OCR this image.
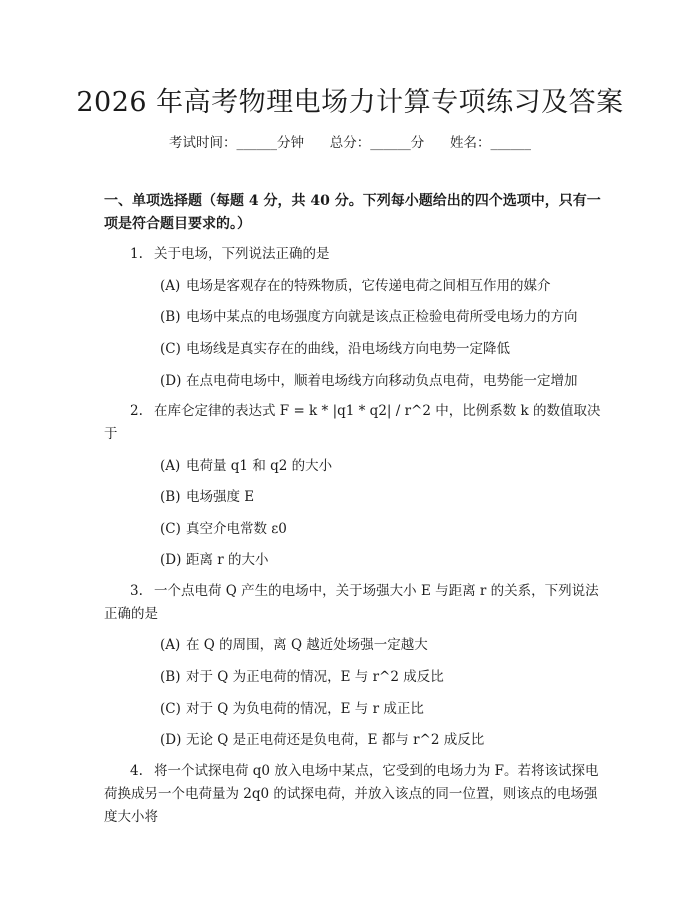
2026 年高考物理电场力计算专项练习及答案
考试时间：______分钟 总分：______分 姓名：______
一、单项选择题（每题 4 分，共 40 分。下列每小题给出的四个选项中，只有一项是符合题目要求的。）
1. 关于电场，下列说法正确的是
(A) 电场是客观存在的特殊物质，它传递电荷之间相互作用的媒介
(B) 电场中某点的电场强度方向就是该点正检验电荷所受电场力的方向
(C) 电场线是真实存在的曲线，沿电场线方向电势一定降低
(D) 在点电荷电场中，顺着电场线方向移动负点电荷，电势能一定增加
2. 在库仑定律的表达式 F = k * |q1 * q2| / r^2 中，比例系数 k 的数值取决于
(A) 电荷量 q1 和 q2 的大小
(B) 电场强度 E
(C) 真空介电常数 ε0
(D) 距离 r 的大小
3. 一个点电荷 Q 产生的电场中，关于场强大小 E 与距离 r 的关系，下列说法正确的是
(A) 在 Q 的周围，离 Q 越近处场强一定越大
(B) 对于 Q 为正电荷的情况，E 与 r^2 成反比
(C) 对于 Q 为负电荷的情况，E 与 r 成正比
(D) 无论 Q 是正电荷还是负电荷，E 都与 r^2 成反比
4. 将一个试探电荷 q0 放入电场中某点，它受到的电场力为 F。若将该试探电荷换成另一个电荷量为 2q0 的试探电荷，并放入该点的同一位置，则该点的电场强度大小将
